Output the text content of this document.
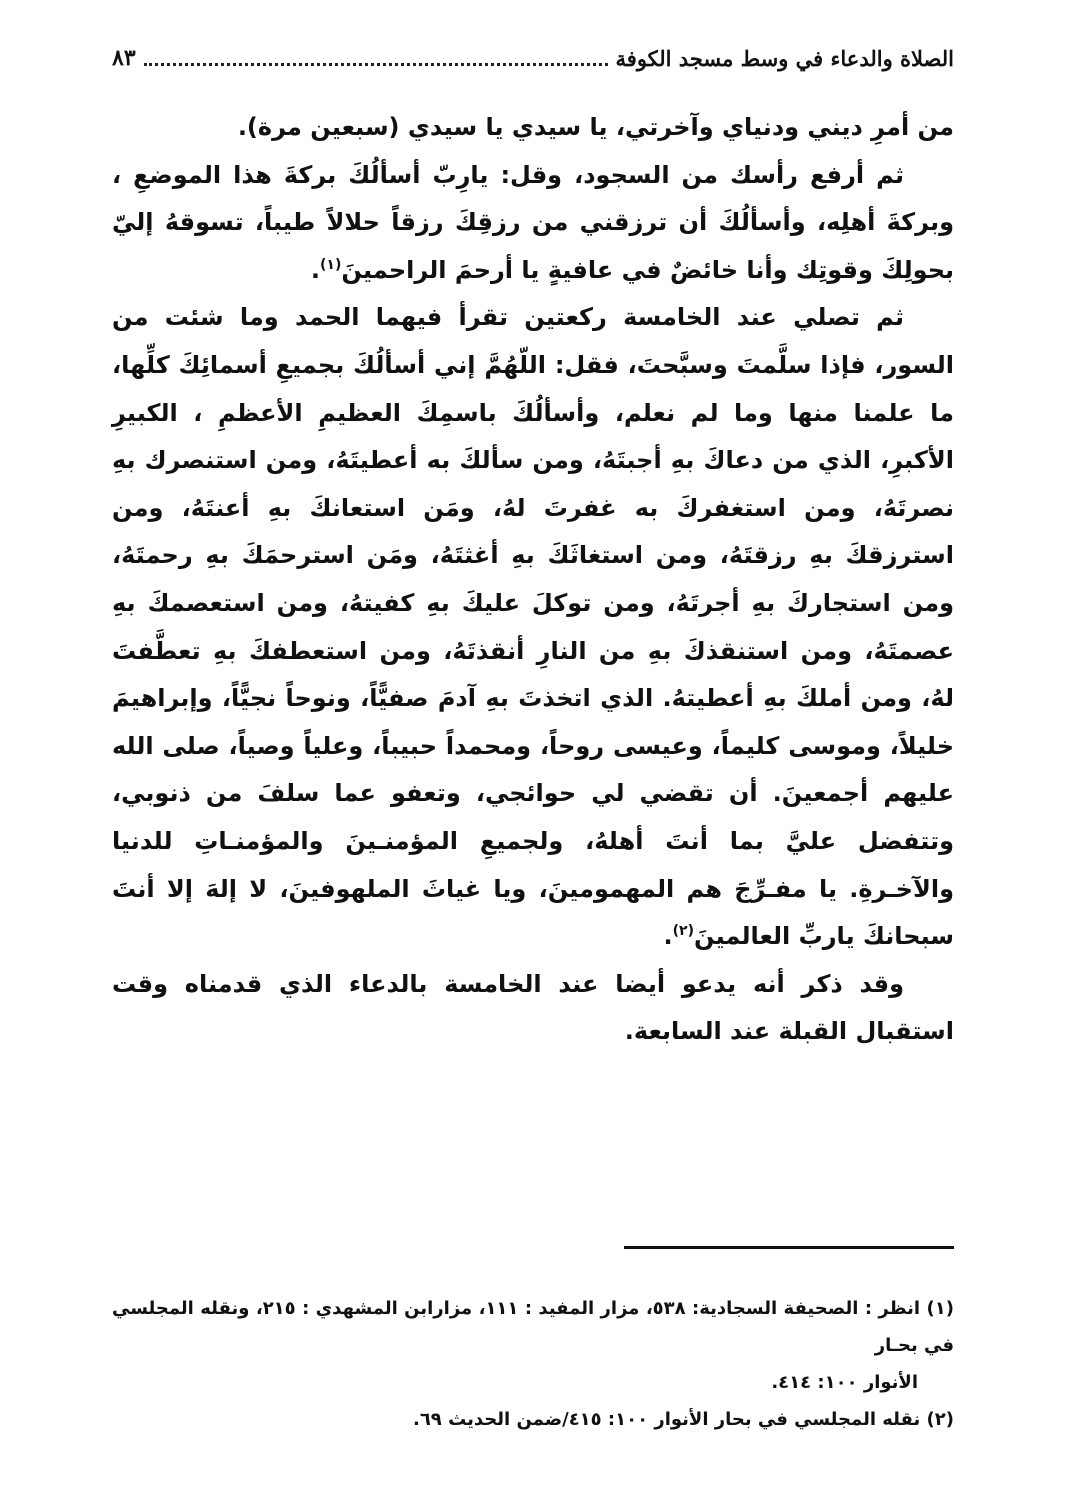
الصلاة والدعاء في وسط مسجد الكوفة
٨٣

من أمرِ ديني ودنياي وآخرتي، يا سيدي يا سيدي (سبعين مرة).

ثم أرفع رأسك من السجود، وقل: يارِبّ أسألُكَ بركةَ هذا الموضعِ ، وبركةَ أهلِه، وأسألُكَ أن ترزقني من رزقِكَ رزقاً حلالاً طيباً، تسوقهُ إليّ بحولِكَ وقوتِك وأنا خائضٌ في عافيةٍ يا أرحمَ الراحمينَ$^{(١)}$.

ثم تصلي عند الخامسة ركعتين تقرأ فيهما الحمد وما شئت من السور، فإذا سلَّمتَ وسبَّحتَ، فقل: اللّهُمَّ إني أسألُكَ بجميعِ أسمائِكَ كلِّها، ما علمنا منها وما لم نعلم، وأسألُكَ باسمِكَ العظيمِ الأعظمِ ، الكبيرِ الأكبرِ، الذي من دعاكَ بهِ أجبتَهُ، ومن سألكَ به أعطيتَهُ، ومن استنصرك بهِ نصرتَهُ، ومن استغفركَ به غفرتَ لهُ، ومَن استعانكَ بهِ أعنتَهُ، ومن استرزقكَ بهِ رزقتَهُ، ومن استغاثَكَ بهِ أغثتَهُ، ومَن استرحمَكَ بهِ رحمتَهُ، ومن استجاركَ بهِ أجرتَهُ، ومن توكلَ عليكَ بهِ كفيتهُ، ومن استعصمكَ بهِ عصمتَهُ، ومن استنقذكَ بهِ من النارِ أنقذتَهُ، ومن استعطفكَ بهِ تعطَّفتَ لهُ، ومن أملكَ بهِ أعطيتهُ. الذي اتخذتَ بهِ آدمَ صفيًّاً، ونوحاً نجيًّاً، وإبراهيمَ خليلاً، وموسى كليماً، وعيسى روحاً، ومحمداً حبيباً، وعلياً وصياً، صلى الله عليهم أجمعينَ. أن تقضي لي حوائجي، وتعفو عما سلفَ من ذنوبي، وتتفضل عليَّ بما أنتَ أهلهُ، ولجميعِ المؤمنـينَ والمؤمنـاتِ للدنيا والآخـرةِ. يا مفـرِّجَ هم المهمومينَ، ويا غياثَ الملهوفينَ، لا إلهَ إلا أنتَ سبحانكَ ياربِّ العالمينَ$^{(٢)}$.

وقد ذكر أنه يدعو أيضا عند الخامسة بالدعاء الذي قدمناه وقت استقبال القبلة عند السابعة.

(١) انظر : الصحيفة السجادية: ٥٣٨، مزار المفيد : ١١١، مزارابن المشهدي : ٢١٥، ونقله المجلسي في بحـار

الأنوار ١٠٠: ٤١٤.

(٢) نقله المجلسي في بحار الأنوار ١٠٠: ٤١٥/ضمن الحديث ٦٩.
